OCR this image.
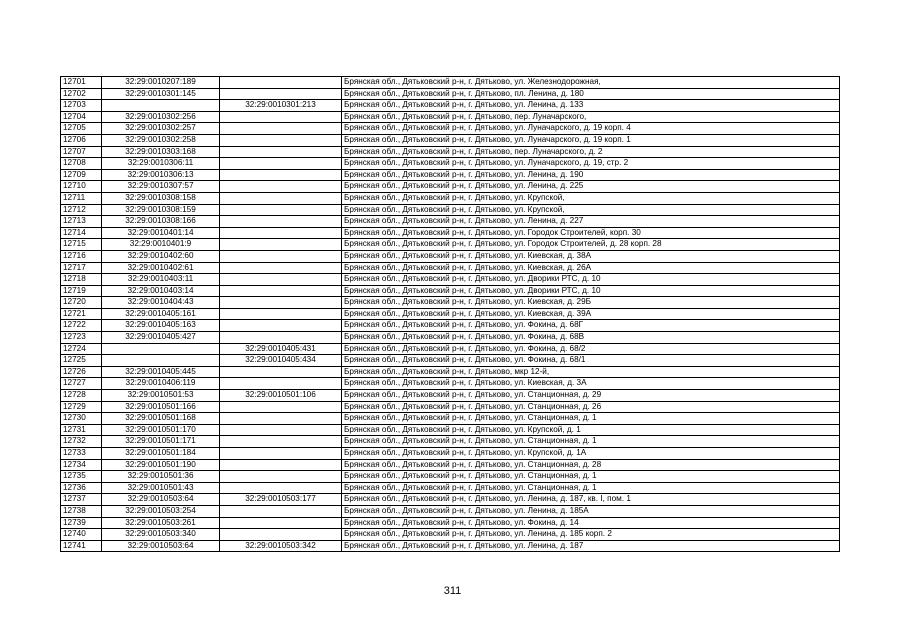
12701	32:29:0010207:189		Брянская обл., Дятьковский р-н, г. Дятьково, ул. Железнодорожная,
12702	32:29:0010301:145		Брянская обл., Дятьковский р-н, г. Дятьково, пл. Ленина, д. 180
12703		32:29:0010301:213	Брянская обл., Дятьковский р-н, г. Дятьково, ул. Ленина, д. 133
12704	32:29:0010302:256		Брянская обл., Дятьковский р-н, г. Дятьково, пер. Луначарского,
12705	32:29:0010302:257		Брянская обл., Дятьковский р-н, г. Дятьково, ул. Луначарского, д. 19 корп. 4
12706	32:29:0010302:258		Брянская обл., Дятьковский р-н, г. Дятьково, ул. Луначарского, д. 19 корп. 1
12707	32:29:0010303:168		Брянская обл., Дятьковский р-н, г. Дятьково, пер. Луначарского, д. 2
12708	32:29:0010306:11		Брянская обл., Дятьковский р-н, г. Дятьково, ул. Луначарского, д. 19, стр. 2
12709	32:29:0010306:13		Брянская обл., Дятьковский р-н, г. Дятьково, ул. Ленина, д. 190
12710	32:29:0010307:57		Брянская обл., Дятьковский р-н, г. Дятьково, ул. Ленина, д. 225
12711	32:29:0010308:158		Брянская обл., Дятьковский р-н, г. Дятьково, ул. Крупской,
12712	32:29:0010308:159		Брянская обл., Дятьковский р-н, г. Дятьково, ул. Крупской,
12713	32:29:0010308:166		Брянская обл., Дятьковский р-н, г. Дятьково, ул. Ленина, д. 227
12714	32:29:0010401:14		Брянская обл., Дятьковский р-н, г. Дятьково, ул. Городок Строителей, корп. 30
12715	32:29:0010401:9		Брянская обл., Дятьковский р-н, г. Дятьково, ул. Городок Строителей, д. 28 корп. 28
12716	32:29:0010402:60		Брянская обл., Дятьковский р-н, г. Дятьково, ул. Киевская, д. 38А
12717	32:29:0010402:61		Брянская обл., Дятьковский р-н, г. Дятьково, ул. Киевская, д. 26А
12718	32:29:0010403:11		Брянская обл., Дятьковский р-н, г. Дятьково, ул. Дворики РТС, д. 10
12719	32:29:0010403:14		Брянская обл., Дятьковский р-н, г. Дятьково, ул. Дворики РТС, д. 10
12720	32:29:0010404:43		Брянская обл., Дятьковский р-н, г. Дятьково, ул. Киевская, д. 29Б
12721	32:29:0010405:161		Брянская обл., Дятьковский р-н, г. Дятьково, ул. Киевская, д. 39А
12722	32:29:0010405:163		Брянская обл., Дятьковский р-н, г. Дятьково, ул. Фокина, д. 68Г
12723	32:29:0010405:427		Брянская обл., Дятьковский р-н, г. Дятьково, ул. Фокина, д. 68В
12724		32:29:0010405:431	Брянская обл., Дятьковский р-н, г. Дятьково, ул. Фокина, д. 68/2
12725		32:29:0010405:434	Брянская обл., Дятьковский р-н, г. Дятьково, ул. Фокина, д. 68/1
12726	32:29:0010405:445		Брянская обл., Дятьковский р-н, г. Дятьково, мкр 12-й,
12727	32:29:0010406:119		Брянская обл., Дятьковский р-н, г. Дятьково, ул. Киевская, д. 3А
12728	32:29:0010501:53	32:29:0010501:106	Брянская обл., Дятьковский р-н, г. Дятьково, ул. Станционная, д. 29
12729	32:29:0010501:166		Брянская обл., Дятьковский р-н, г. Дятьково, ул. Станционная, д. 26
12730	32:29:0010501:168		Брянская обл., Дятьковский р-н, г. Дятьково, ул. Станционная, д. 1
12731	32:29:0010501:170		Брянская обл., Дятьковский р-н, г. Дятьково, ул. Крупской, д. 1
12732	32:29:0010501:171		Брянская обл., Дятьковский р-н, г. Дятьково, ул. Станционная, д. 1
12733	32:29:0010501:184		Брянская обл., Дятьковский р-н, г. Дятьково, ул. Крупской, д. 1А
12734	32:29:0010501:190		Брянская обл., Дятьковский р-н, г. Дятьково, ул. Станционная, д. 28
12735	32:29:0010501:36		Брянская обл., Дятьковский р-н, г. Дятьково, ул. Станционная, д. 1
12736	32:29:0010501:43		Брянская обл., Дятьковский р-н, г. Дятьково, ул. Станционная, д. 1
12737	32:29:0010503:64	32:29:0010503:177	Брянская обл., Дятьковский р-н, г. Дятьково, ул. Ленина, д. 187, кв. I, пом. 1
12738	32:29:0010503:254		Брянская обл., Дятьковский р-н, г. Дятьково, ул. Ленина, д. 185А
12739	32:29:0010503:261		Брянская обл., Дятьковский р-н, г. Дятьково, ул. Фокина, д. 14
12740	32:29:0010503:340		Брянская обл., Дятьковский р-н, г. Дятьково, ул. Ленина, д. 185 корп. 2
12741	32:29:0010503:64	32:29:0010503:342	Брянская обл., Дятьковский р-н, г. Дятьково, ул. Ленина, д. 187
311
